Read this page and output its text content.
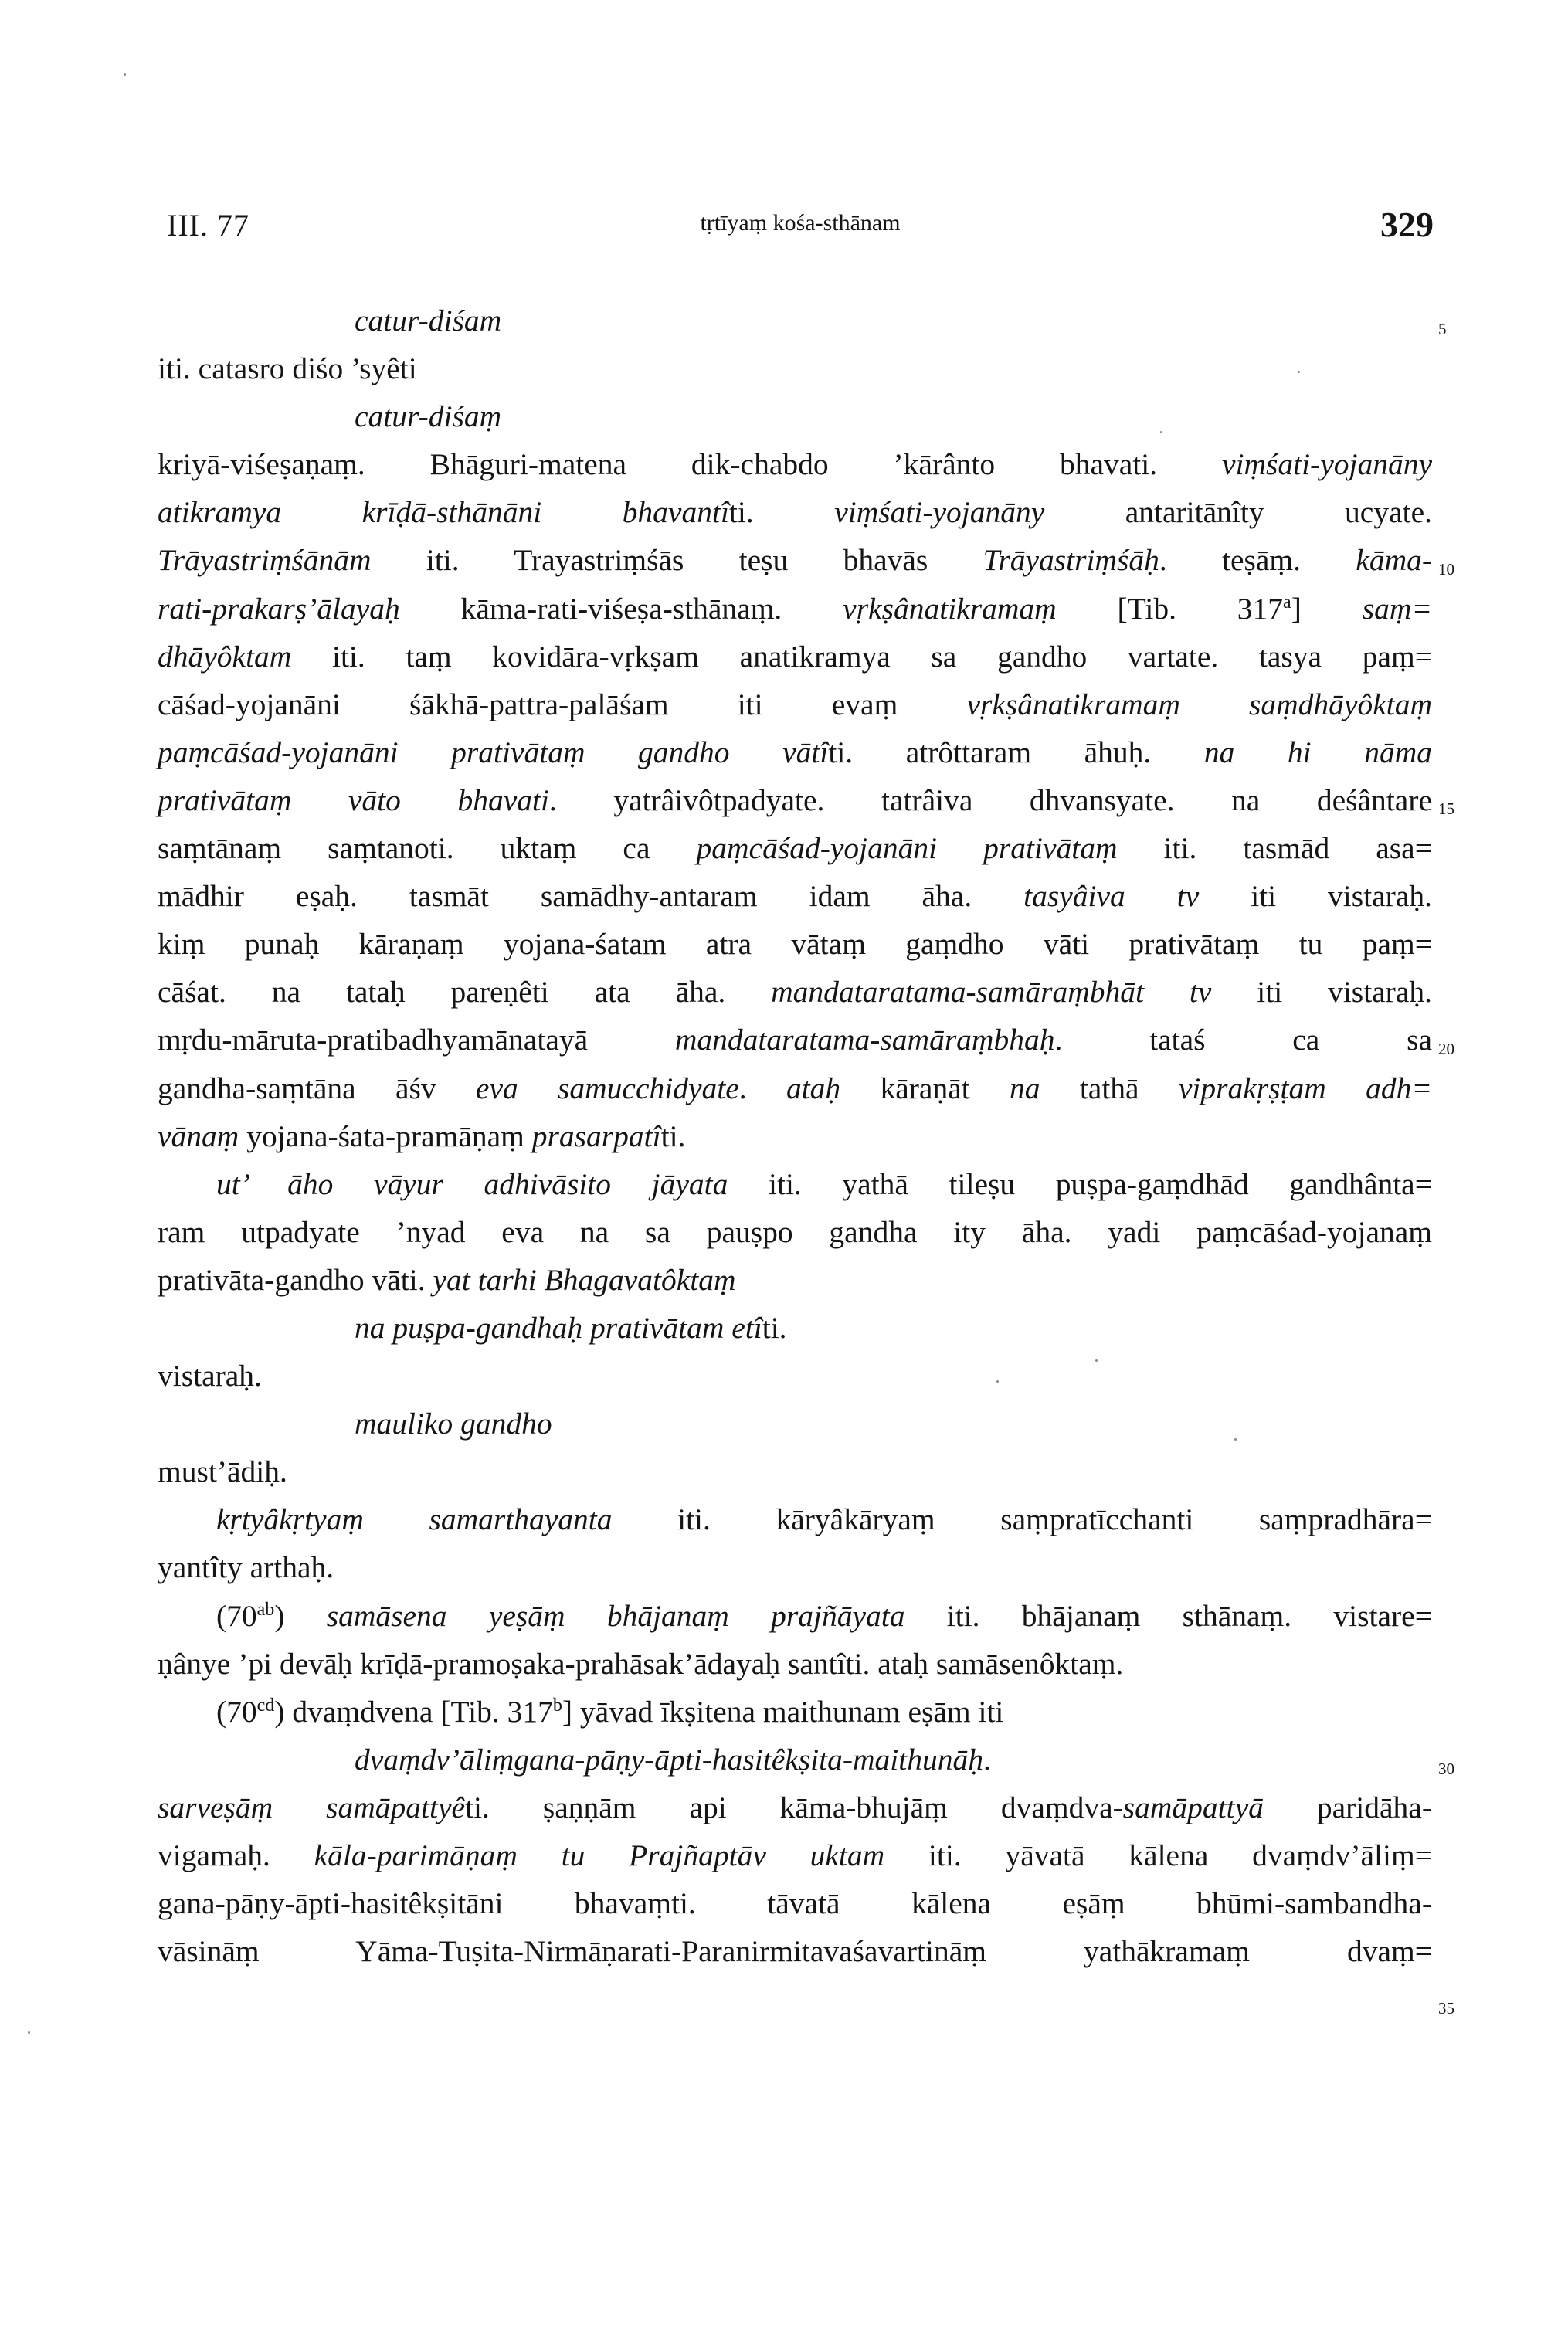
III. 77	tṛtīyaṃ kośa-sthānam	329
catur-diśam
iti. catasro diśo ’syêti
catur-diśaṃ
kriyā-viśeṣaṇaṃ. Bhāguri-matena dik-chabdo ’kārânto bhavati. viṃśati-yojanāny
atikramya krīḍā-sthānāni bhavantîti. viṃśati-yojanāny antaritānîty ucyate.
Trāyastriṃśānām iti. Trayastriṃśās teṣu bhavās Trāyastriṃśāḥ. teṣāṃ. kāma-
rati-prakarṣ’ālayaḥ kāma-rati-viśeṣa-sthānaṃ. vṛkṣânatikramaṃ [Tib. 317$^a$] saṃ=
dhāyôktam iti. taṃ kovidāra-vṛkṣam anatikramya sa gandho vartate. tasya paṃ=
cāśad-yojanāni śākhā-pattra-palāśam iti evaṃ vṛkṣânatikramaṃ saṃdhāyôktaṃ
paṃcāśad-yojanāni prativātaṃ gandho vātîti. atrôttaram āhuḥ. na hi nāma
prativātaṃ vāto bhavati. yatrâivôtpadyate. tatrâiva dhvansyate. na deśântare
saṃtānaṃ saṃtanoti. uktaṃ ca paṃcāśad-yojanāni prativātaṃ iti. tasmād asa=
mādhir eṣaḥ. tasmāt samādhy-antaram idam āha. tasyâiva tv iti vistaraḥ.
kiṃ punaḥ kāraṇaṃ yojana-śatam atra vātaṃ gaṃdho vāti prativātaṃ tu paṃ=
cāśat. na tataḥ pareṇêti ata āha. mandataratama-samāraṃbhāt tv iti vistaraḥ.
mṛdu-māruta-pratibadhyamānatayā mandataratama-samāraṃbhaḥ. tataś ca sa
gandha-saṃtāna āśv eva samucchidyate. ataḥ kāraṇāt na tathā viprakṛṣṭam adh=
vānaṃ yojana-śata-pramāṇaṃ prasarpatîti.
ut’ āho vāyur adhivāsito jāyata iti. yathā tileṣu puṣpa-gaṃdhād gandhânta=
ram utpadyate ’nyad eva na sa pauṣpo gandha ity āha. yadi paṃcāśad-yojanaṃ
prativāta-gandho vāti. yat tarhi Bhagavatôktaṃ
na puṣpa-gandhaḥ prativātam etîti.
vistaraḥ.
mauliko gandho
must’ādiḥ.
kṛtyâkṛtyaṃ samarthayanta iti. kāryâkāryaṃ saṃpratīcchanti saṃpradhāra=
yantîty arthaḥ.
$(70^{ab})$ samāsena yeṣāṃ bhājanaṃ prajñāyata iti. bhājanaṃ sthānaṃ. vistare=
ṇânye ’pi devāḥ krīḍā-pramoṣaka-prahāsak’ādayaḥ santîti. ataḥ samāsenôktaṃ.
$(70^{cd})$ dvaṃdvena [Tib. 317$^b$] yāvad īkṣitena maithunam eṣām iti
dvaṃdv’āliṃgana-pāṇy-āpti-hasitêkṣita-maithunāḥ.
sarveṣāṃ samāpattyêti. ṣaṇṇām api kāma-bhujāṃ dvaṃdva-samāpattyā paridāha-
vigamaḥ. kāla-parimāṇaṃ tu Prajñaptāv uktam iti. yāvatā kālena dvaṃdv’āliṃ=
gana-pāṇy-āpti-hasitêkṣitāni bhavaṃti. tāvatā kālena eṣāṃ bhūmi-sambandha-
vāsināṃ Yāma-Tuṣita-Nirmāṇarati-Paranirmitavaśavartināṃ yathākramaṃ dvaṃ=
5
10
15
20
30
35
